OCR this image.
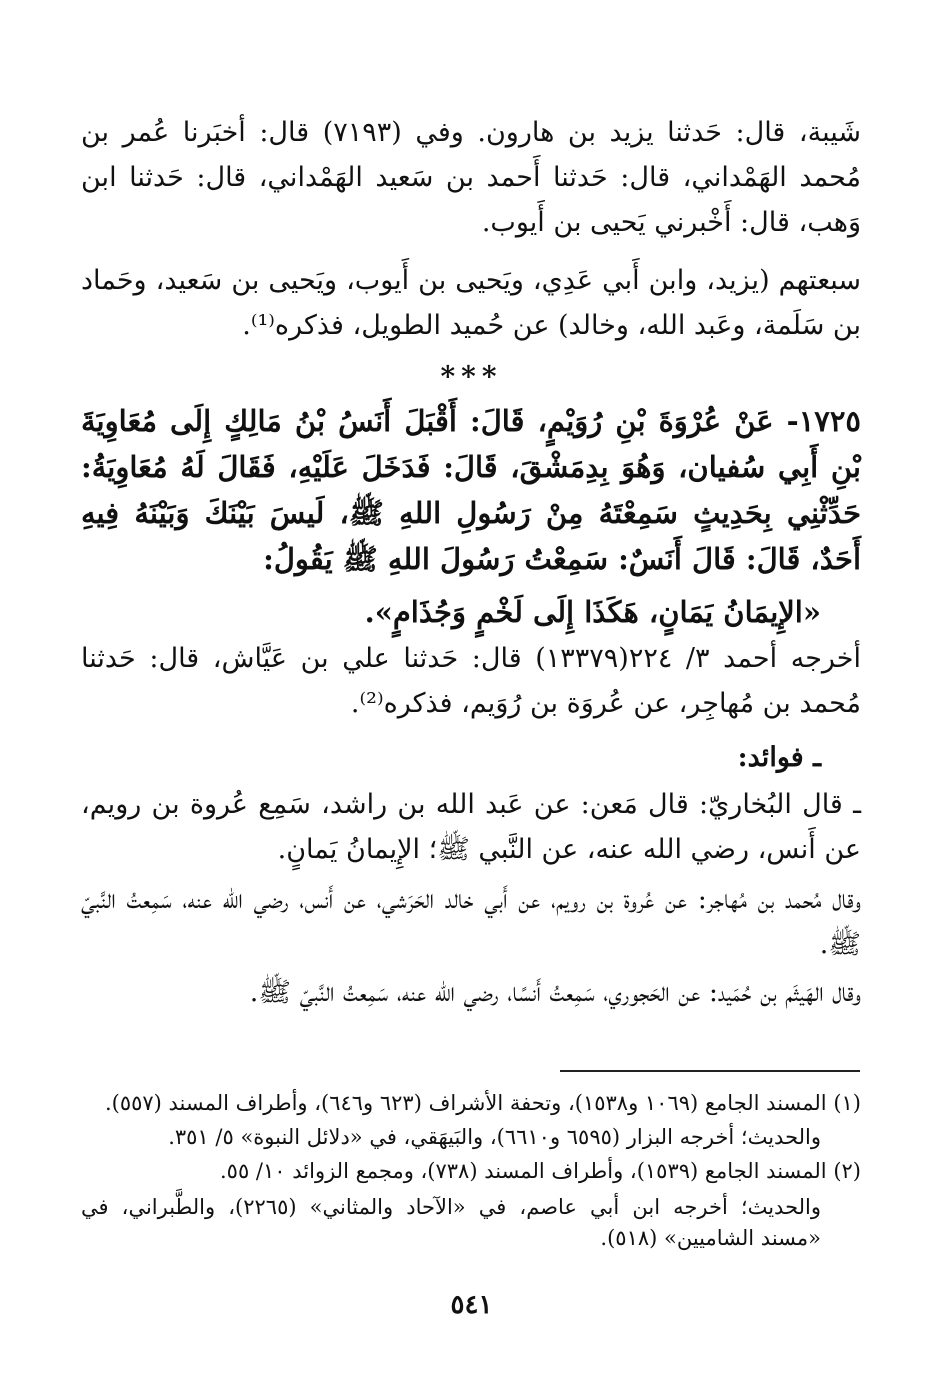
شَيبة، قال: حَدثنا يزيد بن هارون. وفي (٧١٩٣) قال: أخبَرنا عُمر بن مُحمد الهَمْداني، قال: حَدثنا أَحمد بن سَعيد الهَمْداني، قال: حَدثنا ابن وَهب، قال: أَخْبرني يَحيى بن أَيوب.

سبعتهم (يزيد، وابن أَبي عَدِي، ويَحيى بن أَيوب، ويَحيى بن سَعيد، وحَماد بن سَلَمة، وعَبد الله، وخالد) عن حُميد الطويل، فذكره⁽¹⁾.

***

١٧٢٥- عَنْ عُرْوَةَ بْنِ رُوَيْمٍ، قَالَ: أَقْبَلَ أَنَسُ بْنُ مَالِكٍ إِلَى مُعَاوِيَةَ بْنِ أَبِي سُفيان، وَهُوَ بِدِمَشْقَ، قَالَ: فَدَخَلَ عَلَيْهِ، فَقَالَ لَهُ مُعَاوِيَةُ: حَدِّثْنِي بِحَدِيثٍ سَمِعْتَهُ مِنْ رَسُولِ اللهِ ﷺ، لَيسَ بَيْنَكَ وَبَيْنَهُ فِيهِ أَحَدٌ، قَالَ: قَالَ أَنَسٌ: سَمِعْتُ رَسُولَ اللهِ ﷺ يَقُولُ:

«الإِيمَانُ يَمَانٍ، هَكَذَا إِلَى لَخْمٍ وَجُذَامٍ».

أخرجه أحمد ٣/ ٢٢٤(١٣٣٧٩) قال: حَدثنا علي بن عَيَّاش، قال: حَدثنا مُحمد بن مُهاجِر، عن عُروَة بن رُوَيم، فذكره⁽²⁾.

ـ فوائد:

ـ قال البُخاريّ: قال مَعن: عن عَبد الله بن راشد، سَمِع عُروة بن رويم، عن أَنس، رضي الله عنه، عن النَّبي ﷺ؛ الإِيمانُ يَمانٍ.

وقال مُحمد بن مُهاجر: عن عُروة بن رويم، عن أَبي خالد الحَرَشي، عن أَنس، رضي الله عنه، سَمِعتُ النَّبيّ ﷺ.

وقال الهَيثَم بن حُمَيد: عن الحَجوري، سَمِعتُ أَنسًا، رضي الله عنه، سَمِعتُ النَّبيّ ﷺ.

(١) المسند الجامع (١٠٦٩ و١٥٣٨)، وتحفة الأشراف (٦٢٣ و٦٤٦)، وأطراف المسند (٥٥٧).

والحديث؛ أخرجه البزار (٦٥٩٥ و٦٦١٠)، والبَيهَقي، في «دلائل النبوة» ٥/ ٣٥١.

(٢) المسند الجامع (١٥٣٩)، وأطراف المسند (٧٣٨)، ومجمع الزوائد ١٠/ ٥٥.

والحديث؛ أخرجه ابن أبي عاصم، في «الآحاد والمثاني» (٢٢٦٥)، والطَّبراني، في «مسند الشاميين» (٥١٨).

٥٤١
